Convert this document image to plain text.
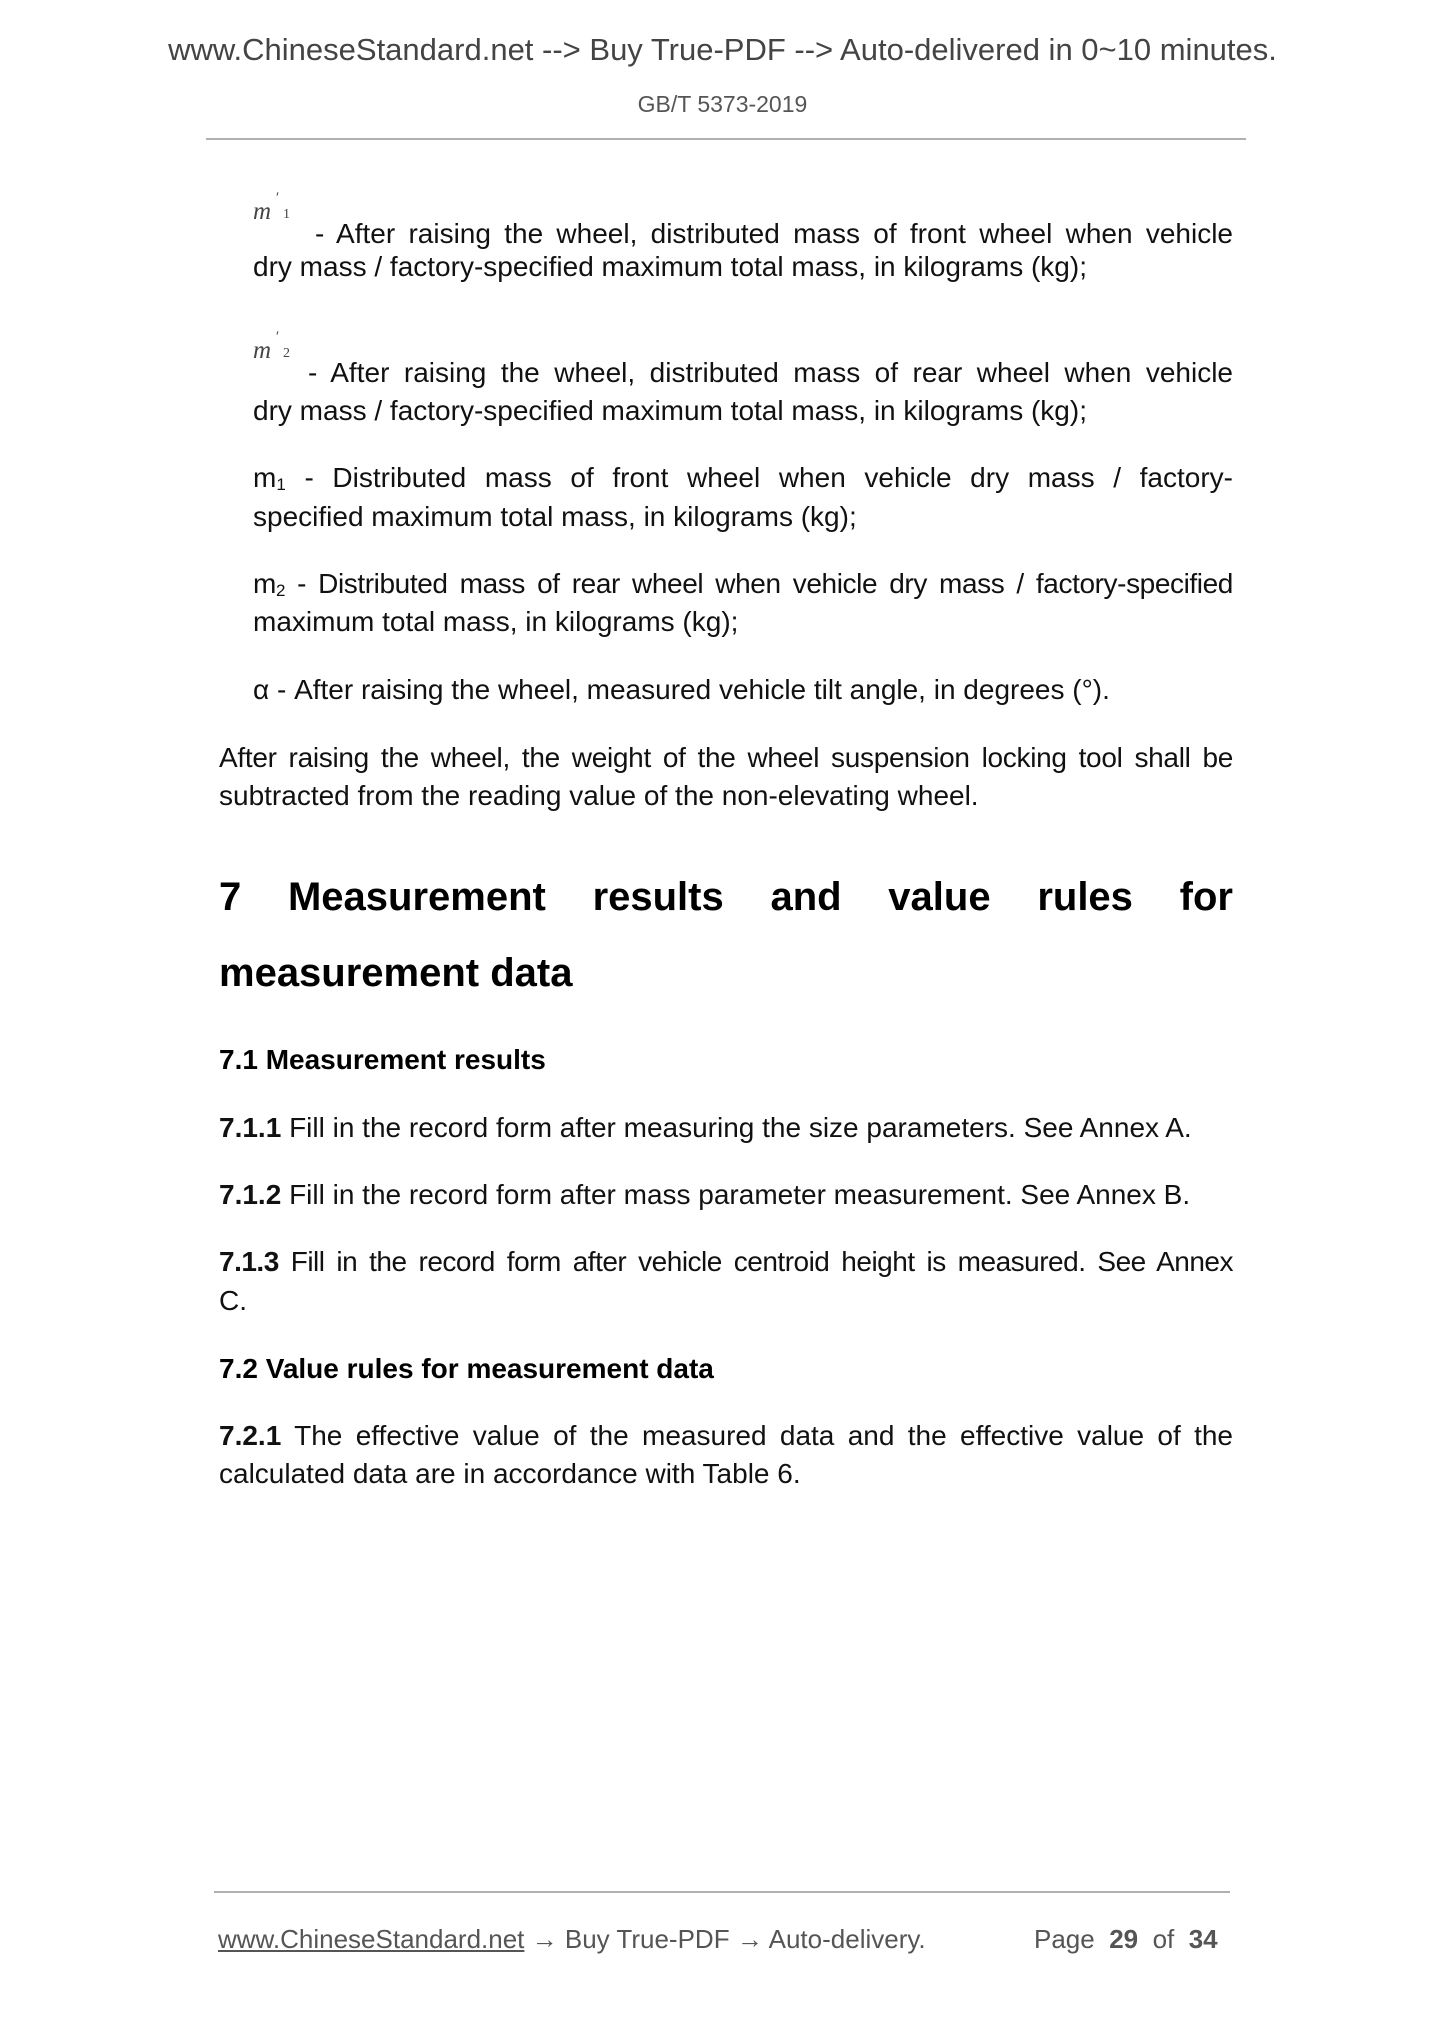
www.ChineseStandard.net --> Buy True-PDF --> Auto-delivered in 0~10 minutes.
GB/T 5373-2019
m ′
1
- After raising the wheel, distributed mass of front wheel when vehicle
dry mass / factory-specified maximum total mass, in kilograms (kg);
m ′
2
- After raising the wheel, distributed mass of rear wheel when vehicle
dry mass / factory-specified maximum total mass, in kilograms (kg);
m1 - Distributed mass of front wheel when vehicle dry mass / factory-
specified maximum total mass, in kilograms (kg);
m2 - Distributed mass of rear wheel when vehicle dry mass / factory-specified
maximum total mass, in kilograms (kg);
α - After raising the wheel, measured vehicle tilt angle, in degrees (°).
After raising the wheel, the weight of the wheel suspension locking tool shall be
subtracted from the reading value of the non-elevating wheel.
7 Measurement results and value rules for
measurement data
7.1 Measurement results
7.1.1 Fill in the record form after measuring the size parameters. See Annex A.
7.1.2 Fill in the record form after mass parameter measurement. See Annex B.
7.1.3 Fill in the record form after vehicle centroid height is measured. See Annex
C.
7.2 Value rules for measurement data
7.2.1 The effective value of the measured data and the effective value of the
calculated data are in accordance with Table 6.
www.ChineseStandard.net → Buy True-PDF → Auto-delivery.	Page 29 of 34
